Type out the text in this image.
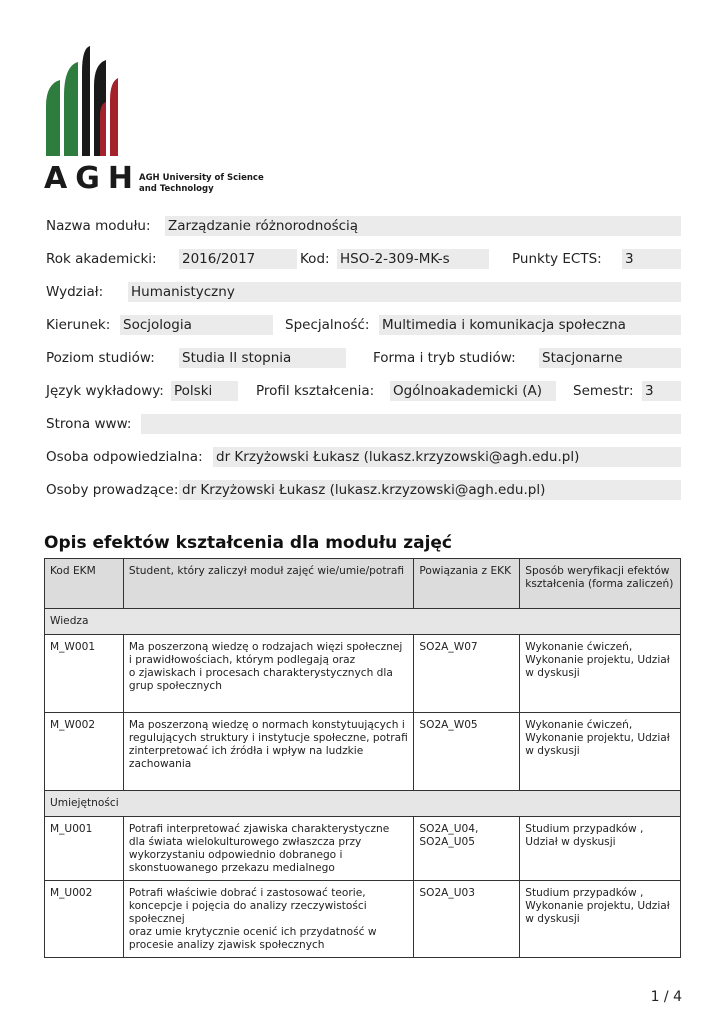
AGH
AGH University of Science
and Technology
Nazwa modułu: Zarządzanie różnorodnością
Rok akademicki: 2016/2017	Kod: HSO-2-309-MK-s	Punkty ECTS: 3
Wydział: Humanistyczny
Kierunek: Socjologia	Specjalność: Multimedia i komunikacja społeczna
Poziom studiów: Studia II stopnia	Forma i tryb studiów: Stacjonarne
Język wykładowy: Polski	Profil kształcenia: Ogólnoakademicki (A)	Semestr: 3
Strona www:
Osoba odpowiedzialna: dr Krzyżowski Łukasz (lukasz.krzyzowski@agh.edu.pl)
Osoby prowadzące: dr Krzyżowski Łukasz (lukasz.krzyzowski@agh.edu.pl)
Opis efektów kształcenia dla modułu zajęć
Kod EKM	Student, który zaliczył moduł zajęć wie/umie/potrafi	Powiązania z EKK	Sposób weryfikacji efektów kształcenia (forma zaliczeń)
Wiedza			
M_W001	Ma poszerzoną wiedzę o rodzajach więzi społecznej i prawidłowościach, którym podlegają oraz
o zjawiskach i procesach charakterystycznych dla grup społecznych	SO2A_W07	Wykonanie ćwiczeń, Wykonanie projektu, Udział w dyskusji
M_W002	Ma poszerzoną wiedzę o normach konstytuujących i regulujących struktury i instytucje społeczne, potrafi
zinterpretować ich źródła i wpływ na ludzkie zachowania	SO2A_W05	Wykonanie ćwiczeń, Wykonanie projektu, Udział w dyskusji
Umiejętności			
M_U001	Potrafi interpretować zjawiska charakterystyczne dla świata wielokulturowego zwłaszcza przy wykorzystaniu odpowiednio dobranego i skonstuowanego przekazu medialnego	SO2A_U04, SO2A_U05	Studium przypadków , Udział w dyskusji
M_U002	Potrafi właściwie dobrać i zastosować teorie, koncepcje i pojęcia do analizy rzeczywistości społecznej
oraz umie krytycznie ocenić ich przydatność w procesie analizy zjawisk społecznych	SO2A_U03	Studium przypadków , Wykonanie projektu, Udział w dyskusji
1 / 4
